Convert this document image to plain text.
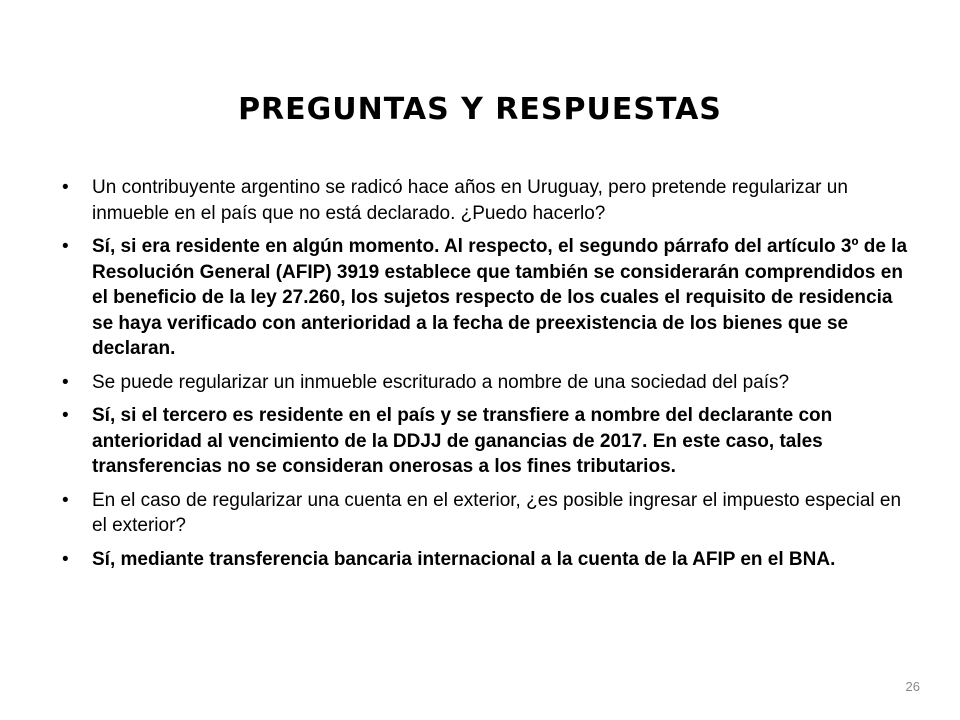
PREGUNTAS Y RESPUESTAS
• Un contribuyente argentino se radicó hace años en Uruguay, pero pretende regularizar un inmueble en el país que no está declarado. ¿Puedo hacerlo?
• Sí, si era residente en algún momento. Al respecto, el segundo párrafo del artículo 3º de la Resolución General (AFIP) 3919 establece que también se considerarán comprendidos en el beneficio de la ley 27.260, los sujetos respecto de los cuales el requisito de residencia se haya verificado con anterioridad a la fecha de preexistencia de los bienes que se declaran.
• Se puede regularizar un inmueble escriturado a nombre de una sociedad del país?
• Sí, si el tercero es residente en el país y se transfiere a nombre del declarante con anterioridad al vencimiento de la DDJJ de ganancias de 2017. En este caso, tales transferencias no se consideran onerosas a los fines tributarios.
• En el caso de regularizar una cuenta en el exterior, ¿es posible ingresar el impuesto especial en el exterior?
• Sí, mediante transferencia bancaria internacional a la cuenta de la AFIP en el BNA.
26
